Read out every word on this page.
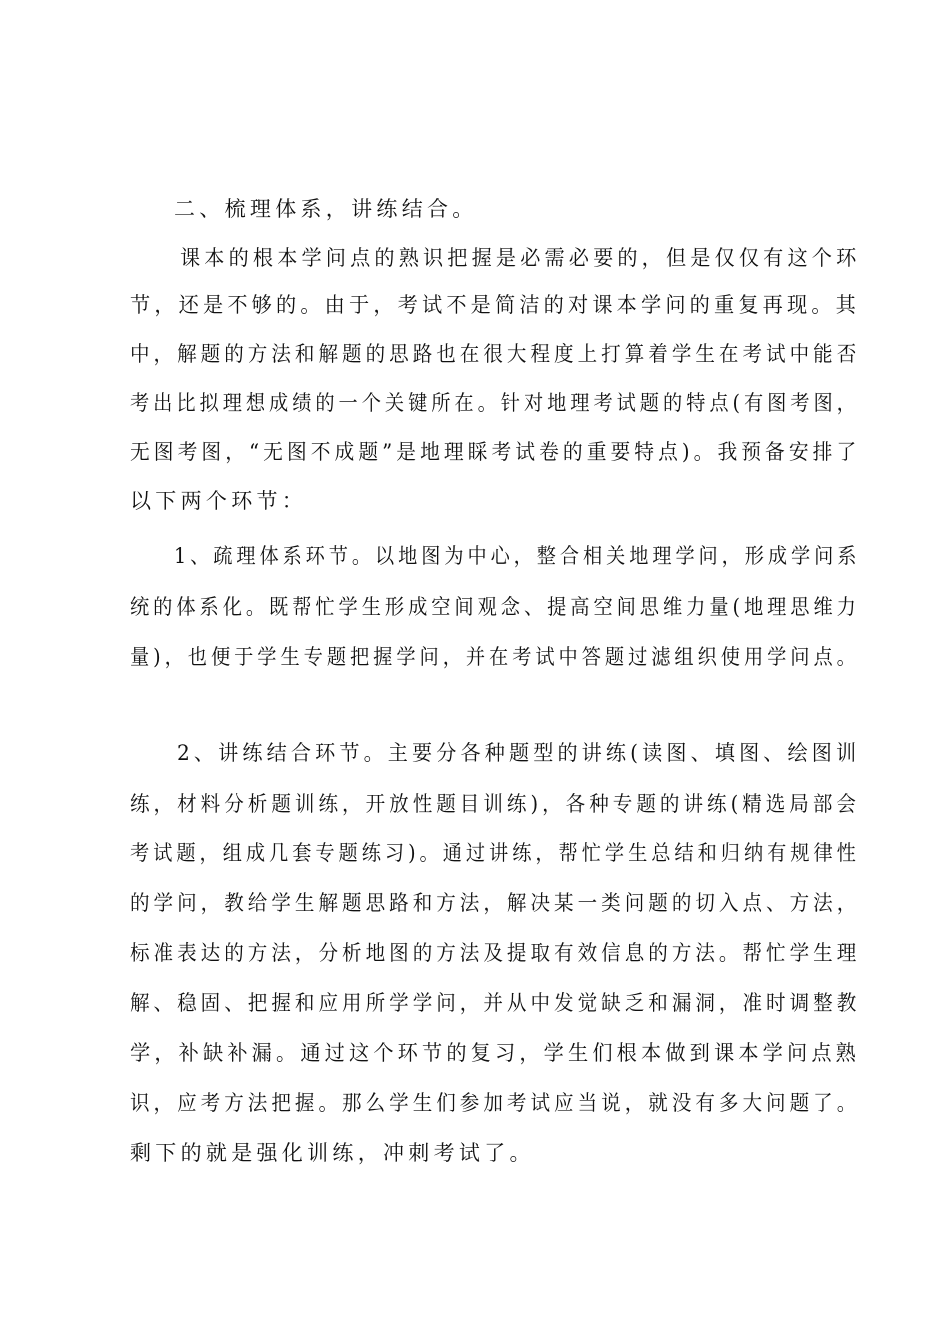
二、梳理体系，讲练结合。
课本的根本学问点的熟识把握是必需必要的，但是仅仅有这个环
节，还是不够的。由于，考试不是简洁的对课本学问的重复再现。其
中，解题的方法和解题的思路也在很大程度上打算着学生在考试中能否
考出比拟理想成绩的一个关键所在。针对地理考试题的特点(有图考图，
无图考图，“无图不成题”是地理睬考试卷的重要特点)。我预备安排了
以下两个环节：
1、疏理体系环节。以地图为中心，整合相关地理学问，形成学问系
统的体系化。既帮忙学生形成空间观念、提高空间思维力量(地理思维力
量)，也便于学生专题把握学问，并在考试中答题过滤组织使用学问点。
2、讲练结合环节。主要分各种题型的讲练(读图、填图、绘图训
练，材料分析题训练，开放性题目训练)，各种专题的讲练(精选局部会
考试题，组成几套专题练习)。通过讲练，帮忙学生总结和归纳有规律性
的学问，教给学生解题思路和方法，解决某一类问题的切入点、方法，
标准表达的方法，分析地图的方法及提取有效信息的方法。帮忙学生理
解、稳固、把握和应用所学学问，并从中发觉缺乏和漏洞，准时调整教
学，补缺补漏。通过这个环节的复习，学生们根本做到课本学问点熟
识，应考方法把握。那么学生们参加考试应当说，就没有多大问题了。
剩下的就是强化训练，冲刺考试了。
